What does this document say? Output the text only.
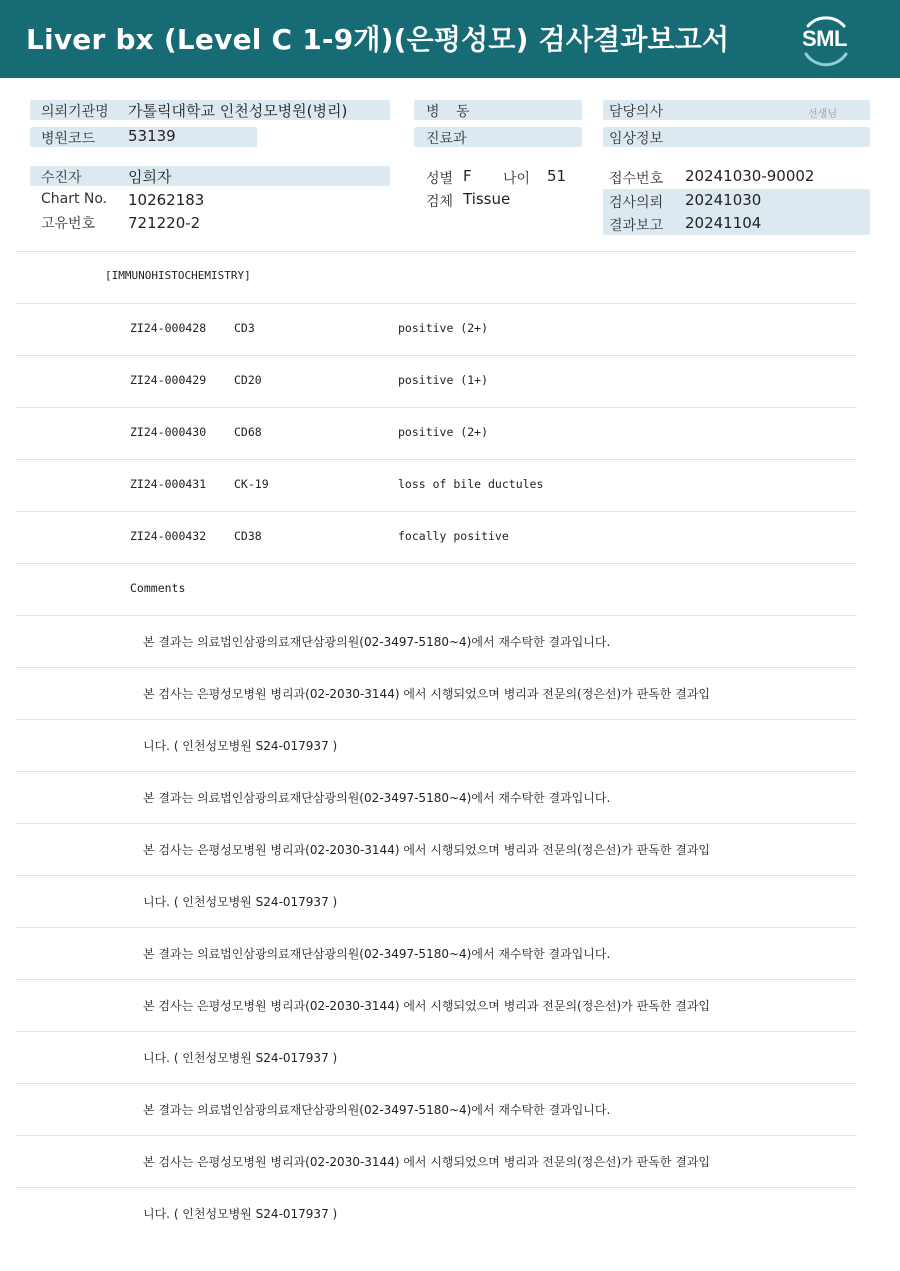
Liver bx (Level C 1-9개)(은평성모) 검사결과보고서	SML
의뢰기관명 가톨릭대학교 인천성모병원(병리)
병원코드 53139
병 동
진료과
담당의사	선생님
임상정보
수진자	임희자
Chart No. 10262183
고유번호 721220-2
성별 F 나이 51
검체 Tissue
접수번호 20241030-90002
검사의뢰 20241030
결과보고 20241104
[IMMUNOHISTOCHEMISTRY]
ZI24-000428 CD3	positive (2+)
ZI24-000429 CD20	positive (1+)
ZI24-000430 CD68	positive (2+)
ZI24-000431 CK-19	loss of bile ductules
ZI24-000432 CD38	focally positive
Comments
본 결과는 의료법인삼광의료재단삼광의원(02-3497-5180~4)에서 재수탁한 결과입니다.
본 검사는 은평성모병원 병리과(02-2030-3144) 에서 시행되었으며 병리과 전문의(정은선)가 판독한 결과입
니다. ( 인천성모병원 S24-017937 )
본 결과는 의료법인삼광의료재단삼광의원(02-3497-5180~4)에서 재수탁한 결과입니다.
본 검사는 은평성모병원 병리과(02-2030-3144) 에서 시행되었으며 병리과 전문의(정은선)가 판독한 결과입
니다. ( 인천성모병원 S24-017937 )
본 결과는 의료법인삼광의료재단삼광의원(02-3497-5180~4)에서 재수탁한 결과입니다.
본 검사는 은평성모병원 병리과(02-2030-3144) 에서 시행되었으며 병리과 전문의(정은선)가 판독한 결과입
니다. ( 인천성모병원 S24-017937 )
본 결과는 의료법인삼광의료재단삼광의원(02-3497-5180~4)에서 재수탁한 결과입니다.
본 검사는 은평성모병원 병리과(02-2030-3144) 에서 시행되었으며 병리과 전문의(정은선)가 판독한 결과입
니다. ( 인천성모병원 S24-017937 )
